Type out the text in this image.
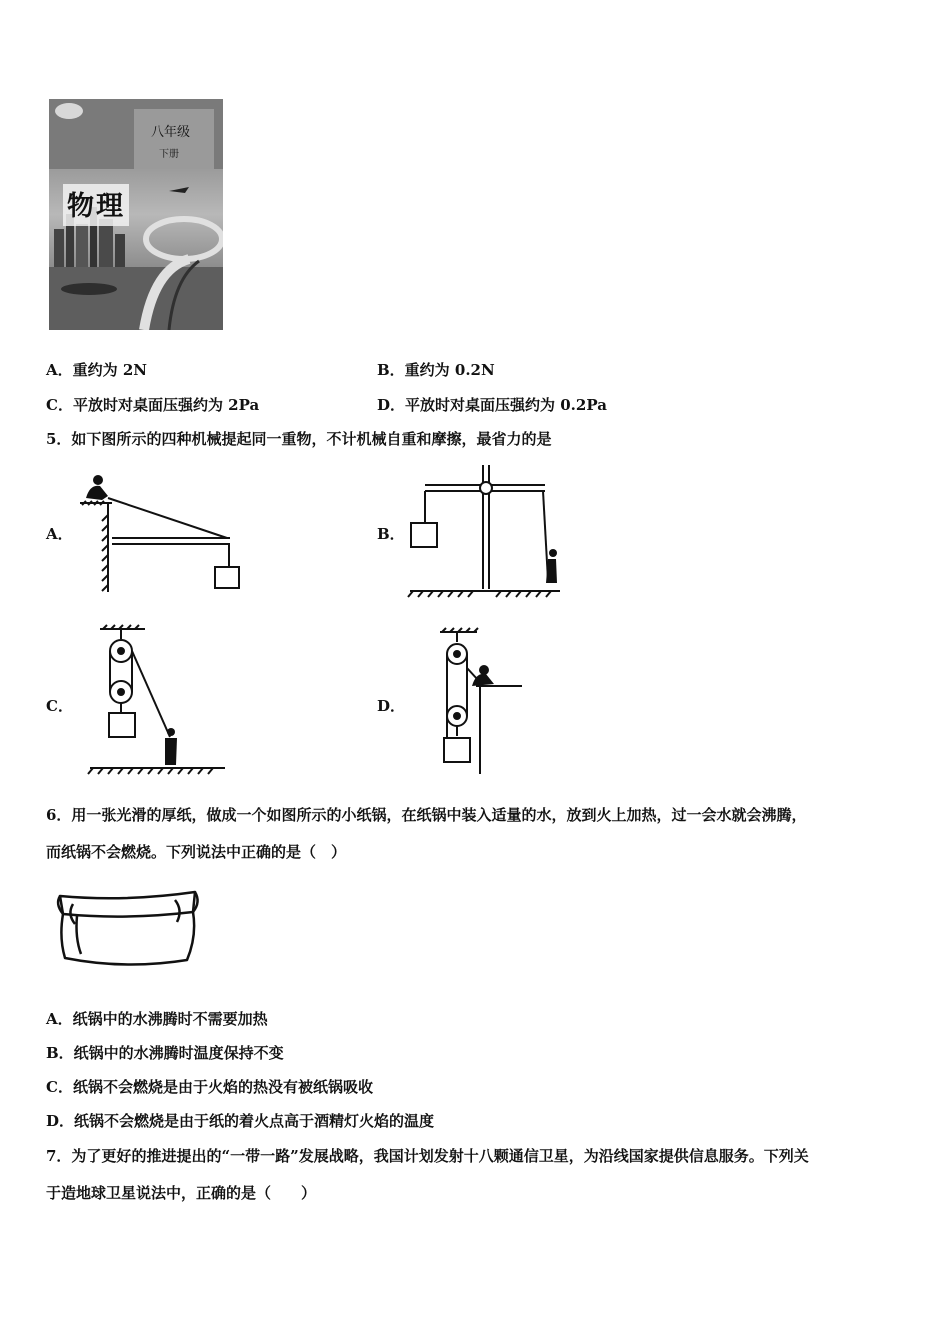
物理
八年级
下册
A．重约为 2N	B．重约为 0.2N
C．平放时对桌面压强约为 2Pa	D．平放时对桌面压强约为 0.2Pa
5．如下图所示的四种机械提起同一重物，不计机械自重和摩擦，最省力的是
A．	B．
C．	D．
6．用一张光滑的厚纸，做成一个如图所示的小纸锅，在纸锅中装入适量的水，放到火上加热，过一会水就会沸腾，
而纸锅不会燃烧。下列说法中正确的是（　）
A．纸锅中的水沸腾时不需要加热
B．纸锅中的水沸腾时温度保持不变
C．纸锅不会燃烧是由于火焰的热没有被纸锅吸收
D．纸锅不会燃烧是由于纸的着火点高于酒精灯火焰的温度
7．为了更好的推进提出的“一带一路”发展战略，我国计划发射十八颗通信卫星，为沿线国家提供信息服务。下列关
于造地球卫星说法中，正确的是（　　）
